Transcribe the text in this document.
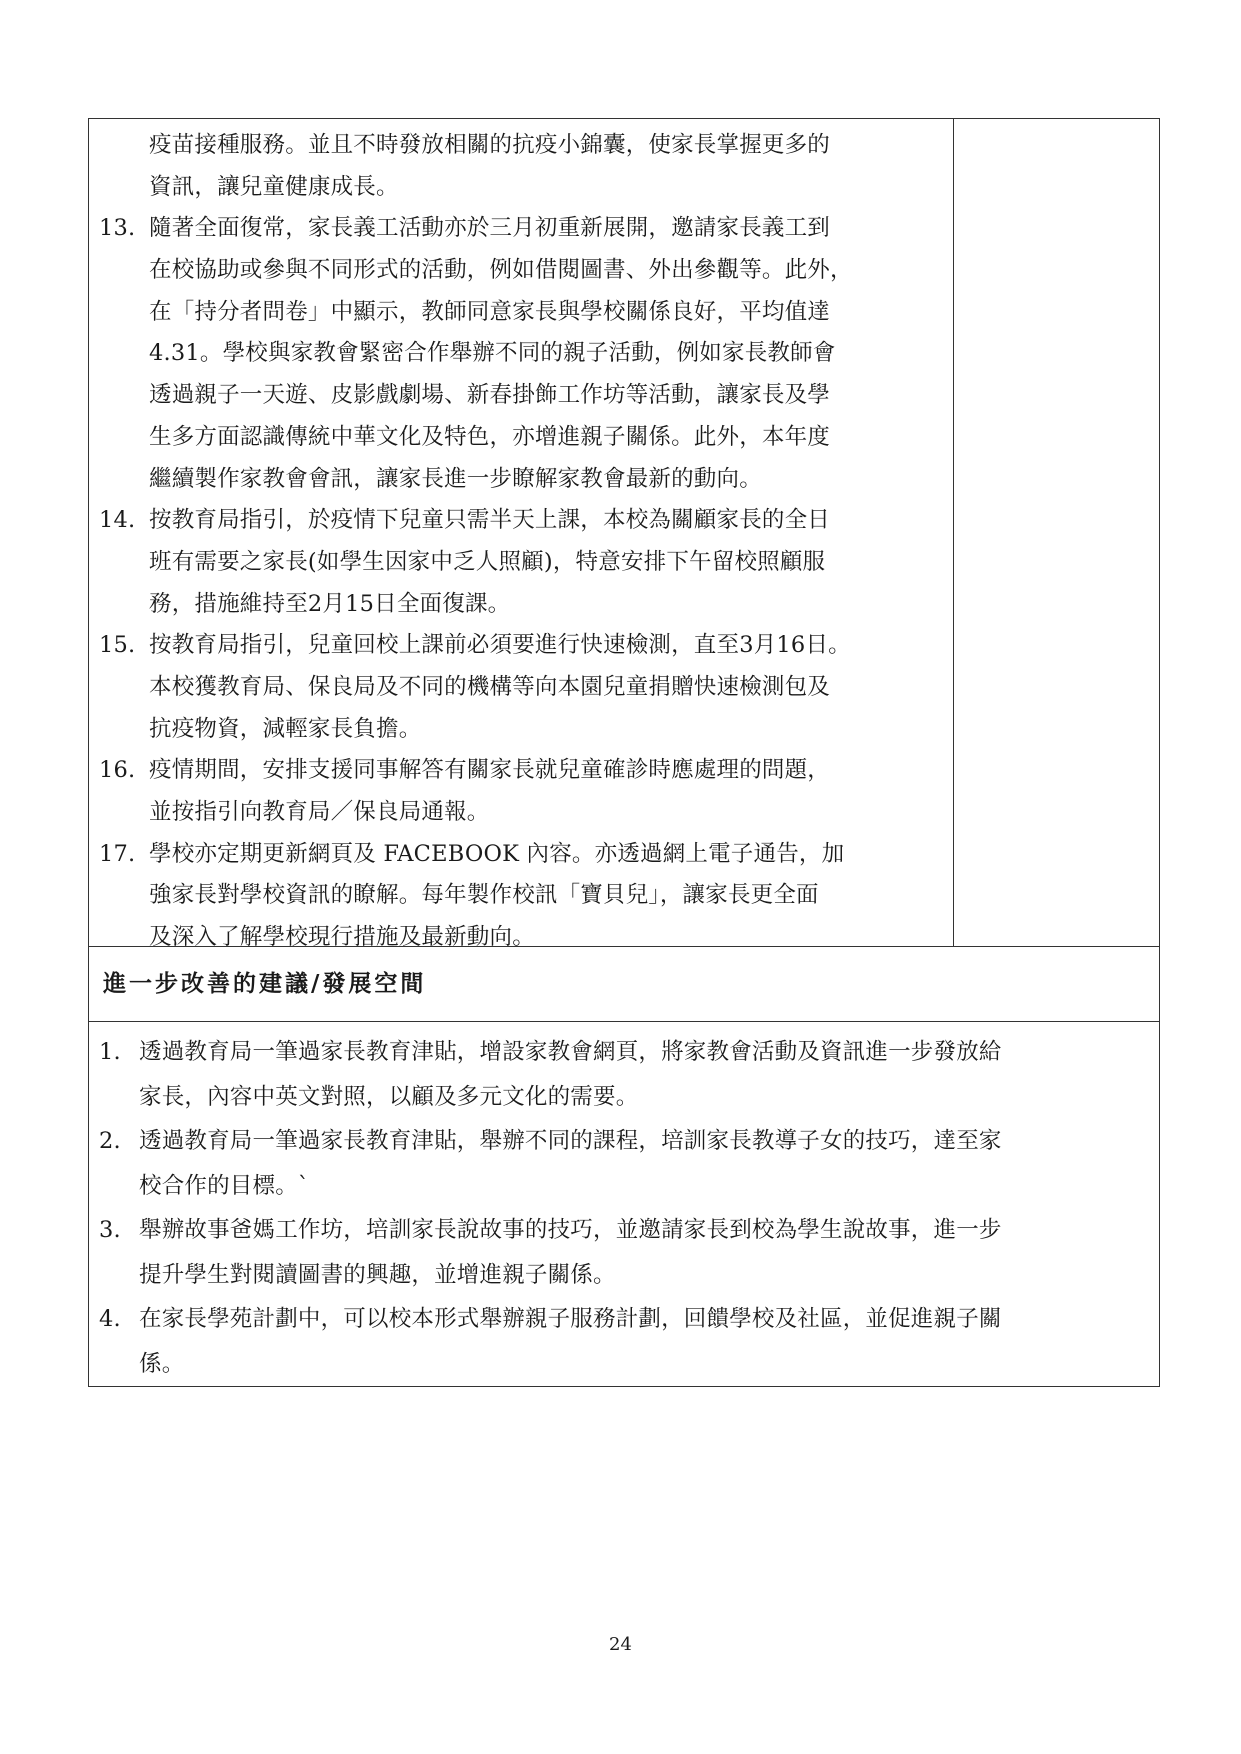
疫苗接種服務。並且不時發放相關的抗疫小錦囊，使家長掌握更多的
資訊，讓兒童健康成長。
13. 隨著全面復常，家長義工活動亦於三月初重新展開，邀請家長義工到
在校協助或參與不同形式的活動，例如借閱圖書、外出參觀等。此外，
在「持分者問卷」中顯示，教師同意家長與學校關係良好，平均值達
4.31。學校與家教會緊密合作舉辦不同的親子活動，例如家長教師會
透過親子一天遊、皮影戲劇場、新春掛飾工作坊等活動，讓家長及學
生多方面認識傳統中華文化及特色，亦增進親子關係。此外，本年度
繼續製作家教會會訊，讓家長進一步瞭解家教會最新的動向。
14. 按教育局指引，於疫情下兒童只需半天上課，本校為關顧家長的全日
班有需要之家長(如學生因家中乏人照顧)，特意安排下午留校照顧服
務，措施維持至2月15日全面復課。
15. 按教育局指引，兒童回校上課前必須要進行快速檢測，直至3月16日。
本校獲教育局、保良局及不同的機構等向本園兒童捐贈快速檢測包及
抗疫物資，減輕家長負擔。
16. 疫情期間，安排支援同事解答有關家長就兒童確診時應處理的問題，
並按指引向教育局／保良局通報。
17. 學校亦定期更新網頁及 FACEBOOK 內容。亦透過網上電子通告，加
強家長對學校資訊的瞭解。每年製作校訊「寶貝兒」，讓家長更全面
及深入了解學校現行措施及最新動向。
進一步改善的建議/發展空間
1. 透過教育局一筆過家長教育津貼，增設家教會網頁，將家教會活動及資訊進一步發放給
家長，內容中英文對照，以顧及多元文化的需要。
2. 透過教育局一筆過家長教育津貼，舉辦不同的課程，培訓家長教導子女的技巧，達至家
校合作的目標。`
3. 舉辦故事爸媽工作坊，培訓家長說故事的技巧，並邀請家長到校為學生說故事，進一步
提升學生對閱讀圖書的興趣，並增進親子關係。
4. 在家長學苑計劃中，可以校本形式舉辦親子服務計劃，回饋學校及社區，並促進親子關
係。
24
